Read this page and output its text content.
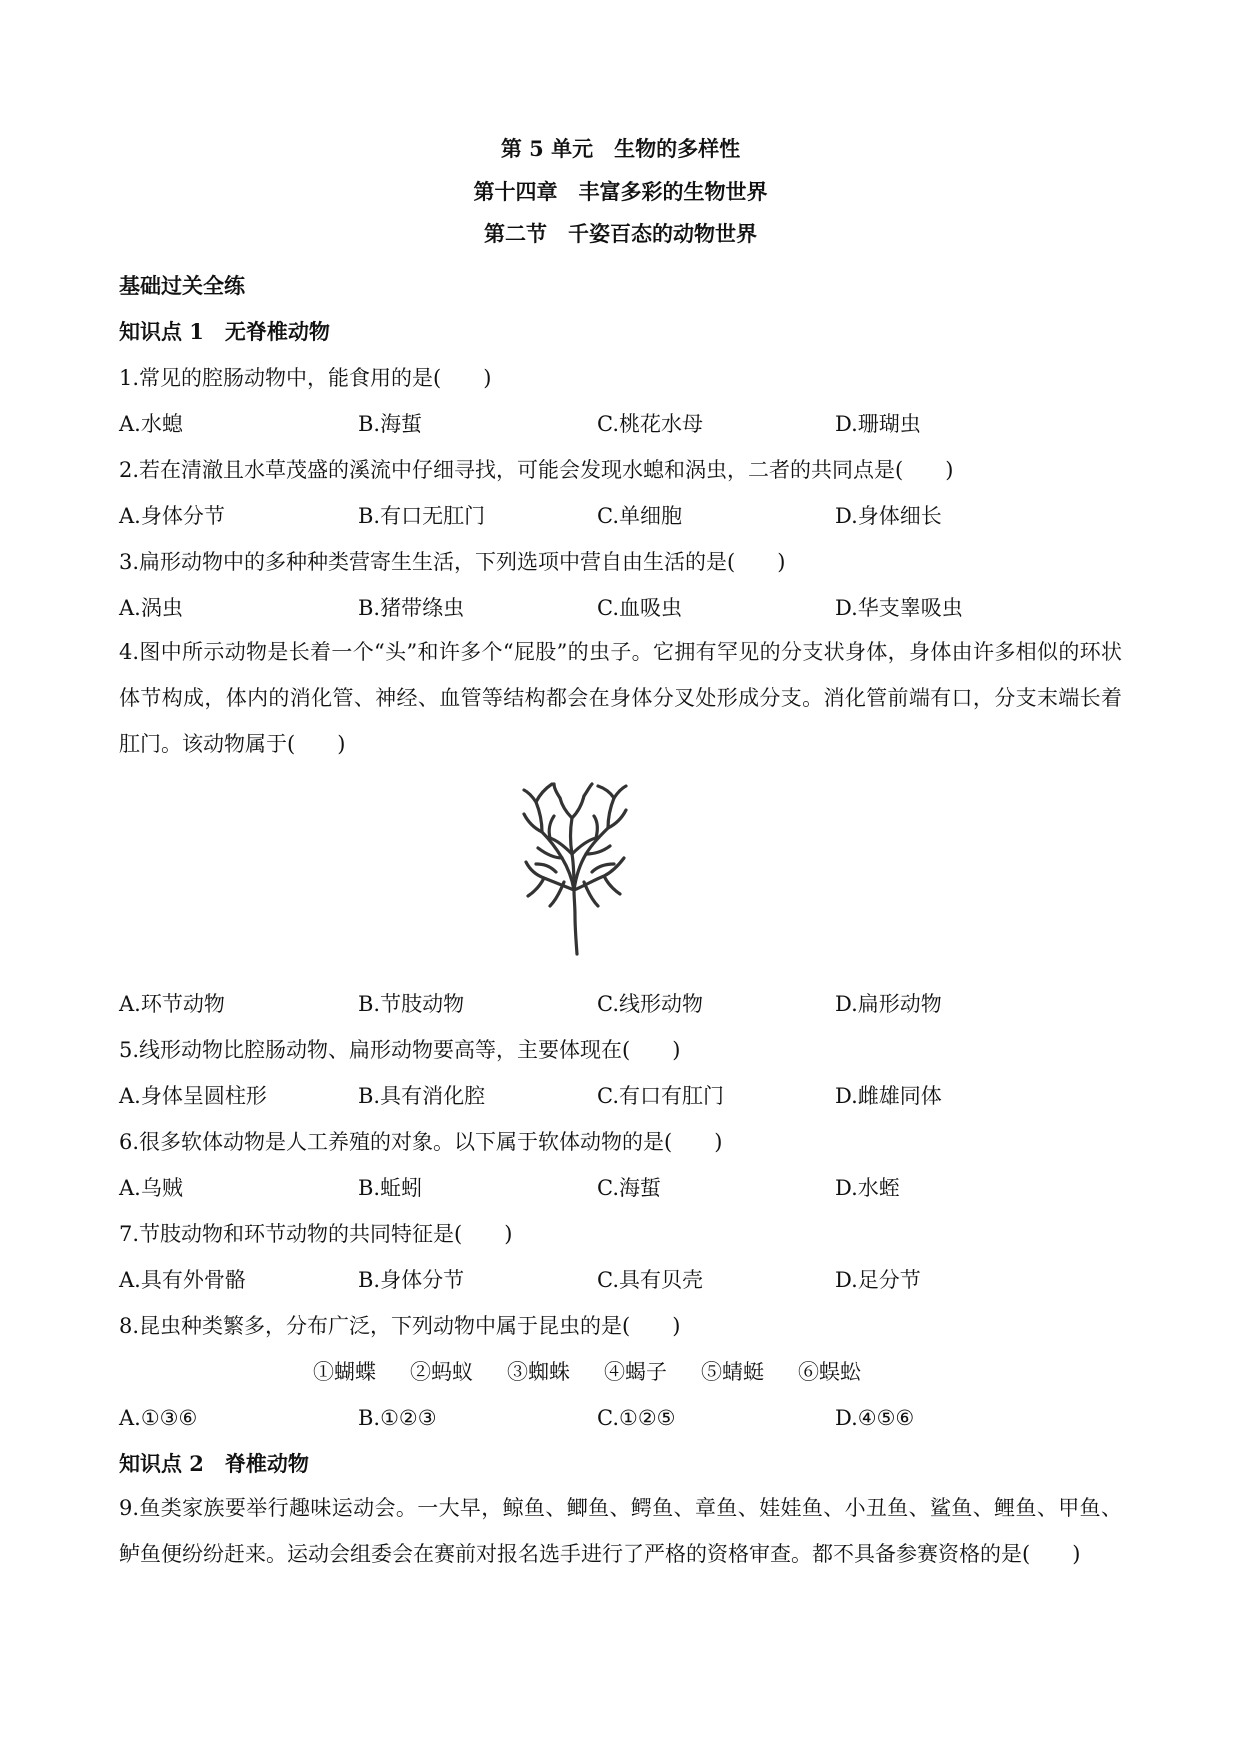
第 5 单元　生物的多样性
第十四章　丰富多彩的生物世界
第二节　千姿百态的动物世界
基础过关全练
知识点 1　无脊椎动物
1.常见的腔肠动物中，能食用的是(　　)
A.水螅	B.海蜇	C.桃花水母	D.珊瑚虫
2.若在清澈且水草茂盛的溪流中仔细寻找，可能会发现水螅和涡虫，二者的共同点是(　　)
A.身体分节	B.有口无肛门	C.单细胞	D.身体细长
3.扁形动物中的多种种类营寄生生活，下列选项中营自由生活的是(　　)
A.涡虫	B.猪带绦虫	C.血吸虫	D.华支睾吸虫
4.图中所示动物是长着一个“头”和许多个“屁股”的虫子。它拥有罕见的分支状身体，身体由许多相似的环状体节构成，体内的消化管、神经、血管等结构都会在身体分叉处形成分支。消化管前端有口，分支末端长着肛门。该动物属于(　　)
A.环节动物	B.节肢动物	C.线形动物	D.扁形动物
5.线形动物比腔肠动物、扁形动物要高等，主要体现在(　　)
A.身体呈圆柱形	B.具有消化腔	C.有口有肛门	D.雌雄同体
6.很多软体动物是人工养殖的对象。以下属于软体动物的是(　　)
A.乌贼	B.蚯蚓	C.海蜇	D.水蛭
7.节肢动物和环节动物的共同特征是(　　)
A.具有外骨骼	B.身体分节	C.具有贝壳	D.足分节
8.昆虫种类繁多，分布广泛，下列动物中属于昆虫的是(　　)
①蝴蝶 ②蚂蚁 ③蜘蛛 ④蝎子 ⑤蜻蜓 ⑥蜈蚣
A.①③⑥	B.①②③	C.①②⑤	D.④⑤⑥
知识点 2　脊椎动物
9.鱼类家族要举行趣味运动会。一大早，鲸鱼、鲫鱼、鳄鱼、章鱼、娃娃鱼、小丑鱼、鲨鱼、鲤鱼、甲鱼、鲈鱼便纷纷赶来。运动会组委会在赛前对报名选手进行了严格的资格审查。都不具备参赛资格的是(　　)
